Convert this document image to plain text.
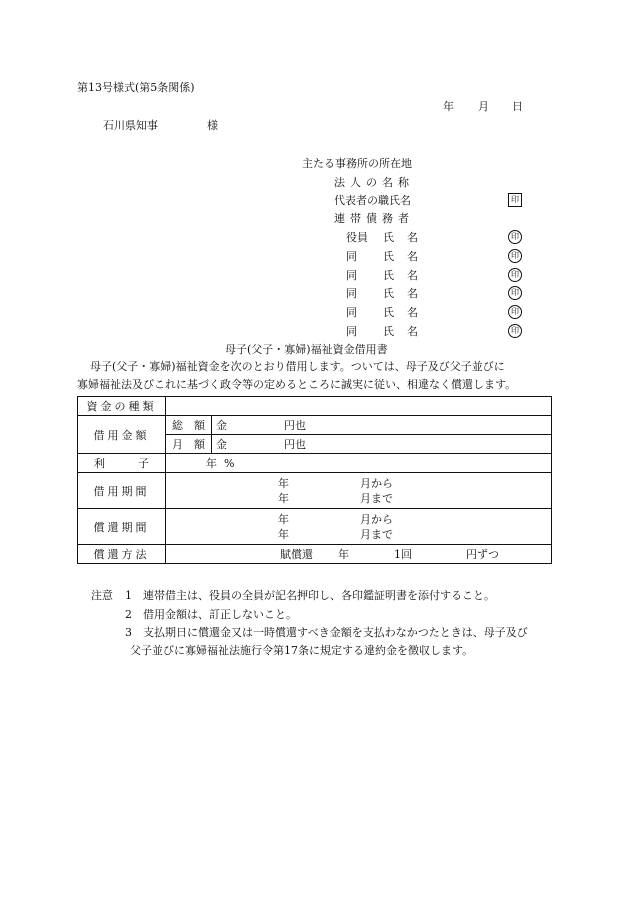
第13号様式(第5条関係)
年 月 日
石川県知事	様
主たる事務所の所在地
法人の名称
代表者の職氏名	印
連帯債務者
役員 氏 名	印
同 氏 名	印
同 氏 名	印
同 氏 名	印
同 氏 名	印
同 氏 名	印
母子(父子・寡婦)福祉資金借用書
母子(父子・寡婦)福祉資金を次のとおり借用します。ついては、母子及び父子並びに
寡婦福祉法及びこれに基づく政令等の定めるところに誠実に従い、相違なく償還します。
資金の種類		
借用金額	総　額	金 円也

	月　額	金 円也

利　　　子	年 %	

借用期間	年 月から
年 月まで	

償還期間	年 月から
年 月まで	

償還方法	賦償還 年 1回 円ずつ	
注意 1 連帯借主は、役員の全員が記名押印し、各印鑑証明書を添付すること。
2 借用金額は、訂正しないこと。
3 支払期日に償還金又は一時償還すべき金額を支払わなかつたときは、母子及び
父子並びに寡婦福祉法施行令第17条に規定する違約金を徴収します。
